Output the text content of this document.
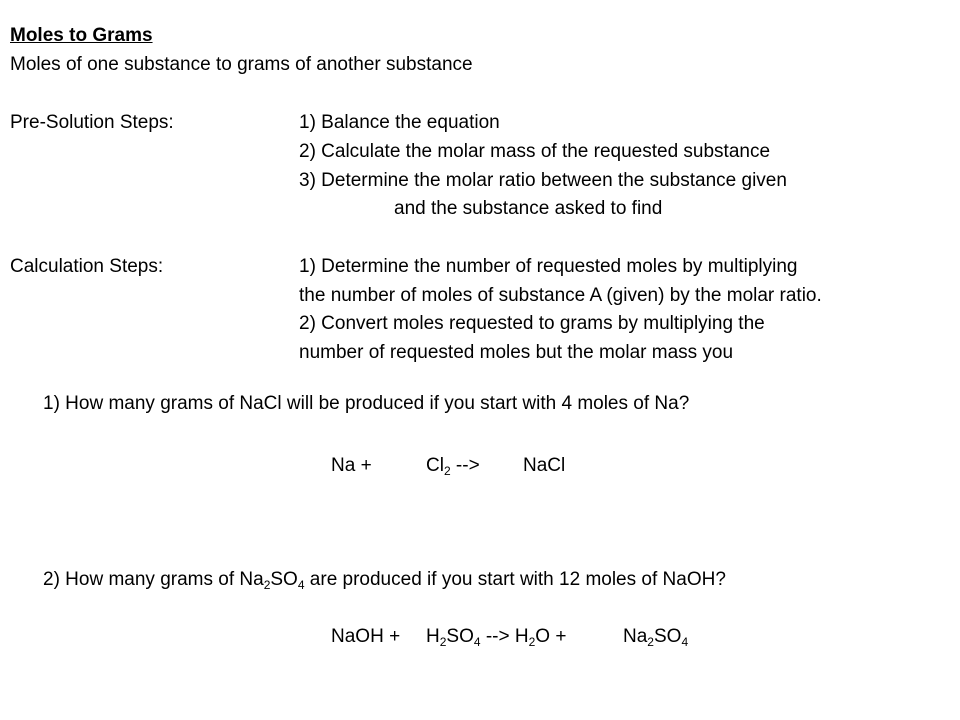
Moles to Grams
Moles of one substance to grams of another substance
Pre-Solution Steps:	1) Balance the equation
2) Calculate the molar mass of the requested substance
3) Determine the molar ratio between the substance given
and the substance asked to find
Calculation Steps:	1) Determine the number of requested moles by multiplying
the number of moles of substance A (given) by the molar ratio.
2) Convert moles requested to grams by multiplying the
number of requested moles but the molar mass you
1) How many grams of NaCl will be produced if you start with 4 moles of Na?
Na +	$Cl_2$ --> NaCl
2) How many grams of $Na_2SO_4$ are produced if you start with 12 moles of NaOH?
NaOH + $H_2SO_4$ --> $H_2O$ +	$Na_2SO_4$
